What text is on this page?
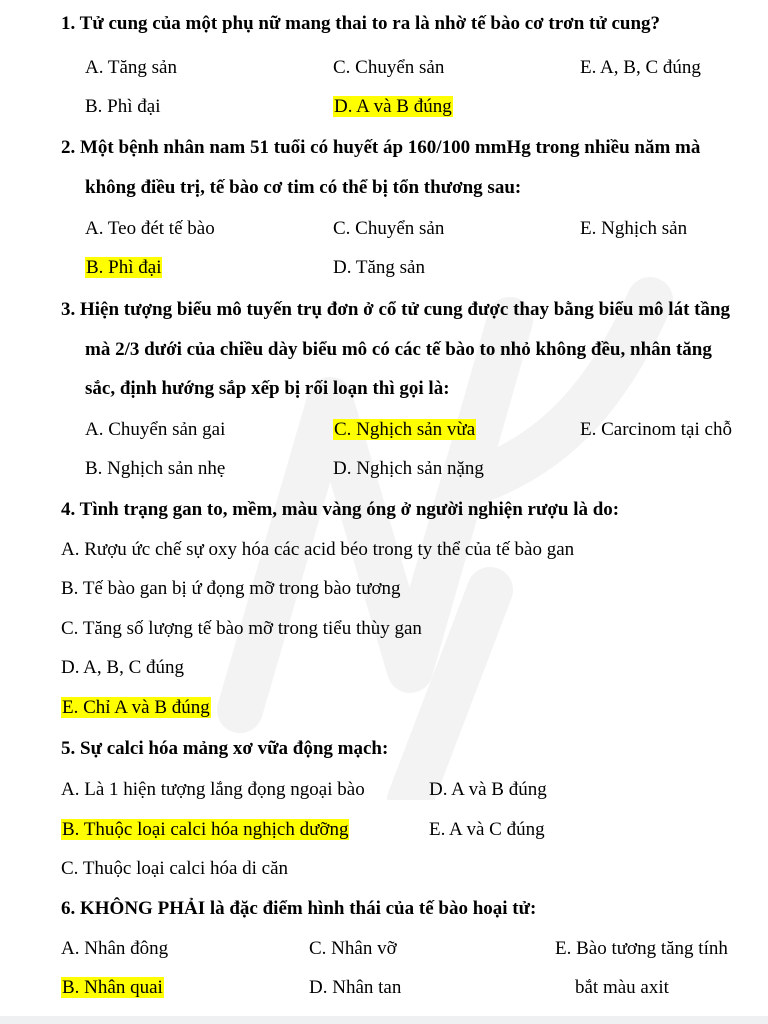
1. Tử cung của một phụ nữ mang thai to ra là nhờ tế bào cơ trơn tử cung?
A. Tăng sản	C. Chuyển sản	E. A, B, C đúng
B. Phì đại	D. A và B đúng
2. Một bệnh nhân nam 51 tuổi có huyết áp 160/100 mmHg trong nhiều năm mà
không điều trị, tế bào cơ tim có thể bị tổn thương sau:
A. Teo đét tế bào	C. Chuyển sản	E. Nghịch sản
B. Phì đại	D. Tăng sản
3. Hiện tượng biểu mô tuyến trụ đơn ở cổ tử cung được thay bằng biểu mô lát tầng
mà 2/3 dưới của chiều dày biểu mô có các tế bào to nhỏ không đều, nhân tăng
sắc, định hướng sắp xếp bị rối loạn thì gọi là:
A. Chuyển sản gai	C. Nghịch sản vừa	E. Carcinom tại chỗ
B. Nghịch sản nhẹ	D. Nghịch sản nặng
4. Tình trạng gan to, mềm, màu vàng óng ở người nghiện rượu là do:
A. Rượu ức chế sự oxy hóa các acid béo trong ty thể của tế bào gan
B. Tế bào gan bị ứ đọng mỡ trong bào tương
C. Tăng số lượng tế bào mỡ trong tiểu thùy gan
D. A, B, C đúng
E. Chỉ A và B đúng
5. Sự calci hóa mảng xơ vữa động mạch:
A. Là 1 hiện tượng lắng đọng ngoại bào	D. A và B đúng
B. Thuộc loại calci hóa nghịch dưỡng	E. A và C đúng
C. Thuộc loại calci hóa di căn
6. KHÔNG PHẢI là đặc điểm hình thái của tế bào hoại tử:
A. Nhân đông	C. Nhân vỡ	E. Bào tương tăng tính
B. Nhân quai	D. Nhân tan	bắt màu axit
